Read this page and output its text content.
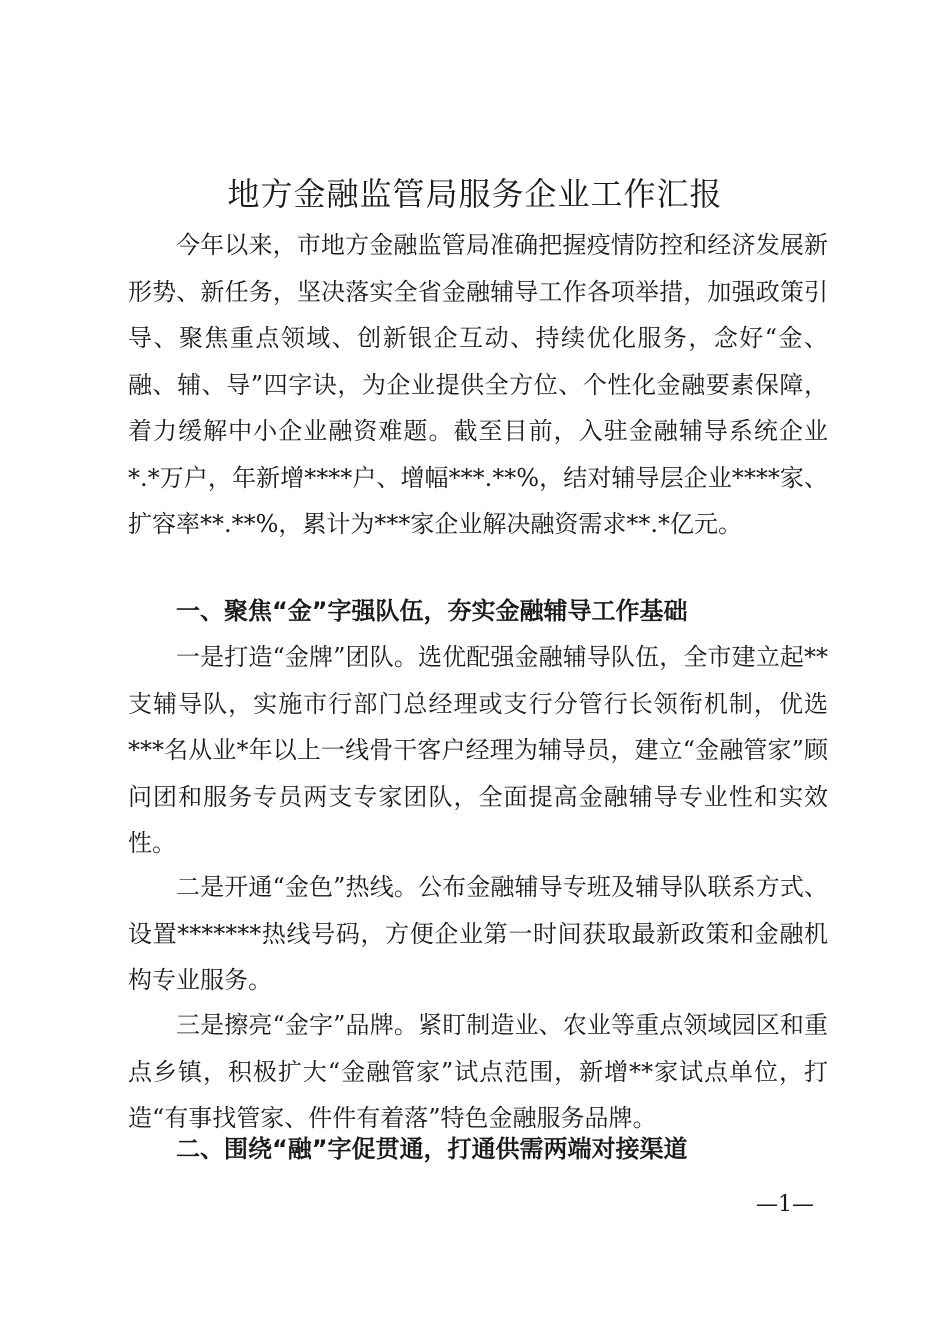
地方金融监管局服务企业工作汇报

今年以来，市地方金融监管局准确把握疫情防控和经济发展新形势、新任务，坚决落实全省金融辅导工作各项举措，加强政策引导、聚焦重点领域、创新银企互动、持续优化服务，念好“金、融、辅、导”四字诀，为企业提供全方位、个性化金融要素保障，着力缓解中小企业融资难题。截至目前，入驻金融辅导系统企业*.*万户，年新增****户、增幅***.**%，结对辅导层企业****家、扩容率**.**%，累计为***家企业解决融资需求**.*亿元。

一、聚焦“金”字强队伍，夯实金融辅导工作基础

一是打造“金牌”团队。选优配强金融辅导队伍，全市建立起**支辅导队，实施市行部门总经理或支行分管行长领衔机制，优选***名从业*年以上一线骨干客户经理为辅导员，建立“金融管家”顾问团和服务专员两支专家团队，全面提高金融辅导专业性和实效性。

二是开通“金色”热线。公布金融辅导专班及辅导队联系方式、设置*******热线号码，方便企业第一时间获取最新政策和金融机构专业服务。

三是擦亮“金字”品牌。紧盯制造业、农业等重点领域园区和重点乡镇，积极扩大“金融管家”试点范围，新增**家试点单位，打造“有事找管家、件件有着落”特色金融服务品牌。

二、围绕“融”字促贯通，打通供需两端对接渠道
—1—
